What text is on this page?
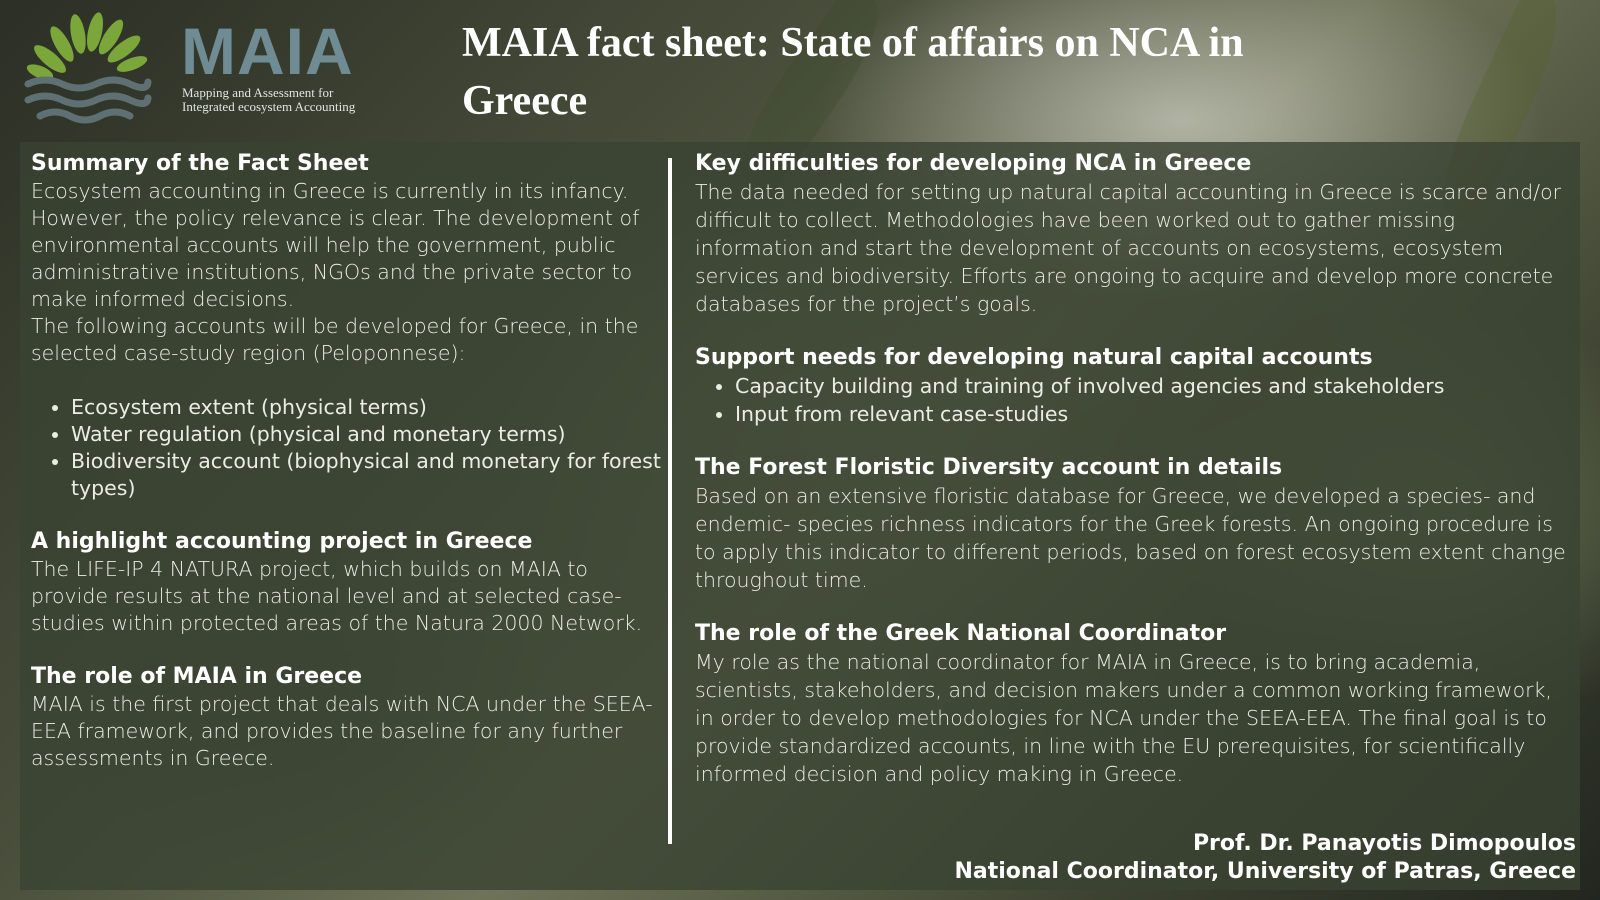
MAIA
Mapping and Assessment for
Integrated ecosystem Accounting
MAIA fact sheet: State of affairs on NCA in Greece
Summary of the Fact Sheet

Ecosystem accounting in Greece is currently in its infancy. However, the policy relevance is clear. The development of environmental accounts will help the government, public administrative institutions, NGOs and the private sector to make informed decisions.

The following accounts will be developed for Greece, in the selected case-study region (Peloponnese):

• Ecosystem extent (physical terms)
• Water regulation (physical and monetary terms)
• Biodiversity account (biophysical and monetary for forest types)
A highlight accounting project in Greece

The LIFE-IP 4 NATURA project, which builds on MAIA to provide results at the national level and at selected case-studies within protected areas of the Natura 2000 Network.

The role of MAIA in Greece

MAIA is the first project that deals with NCA under the SEEA-EEA framework, and provides the baseline for any further assessments in Greece.

Key difficulties for developing NCA in Greece

The data needed for setting up natural capital accounting in Greece is scarce and/or difficult to collect. Methodologies have been worked out to gather missing information and start the development of accounts on ecosystems, ecosystem services and biodiversity. Efforts are ongoing to acquire and develop more concrete databases for the project’s goals.

Support needs for developing natural capital accounts
• Capacity building and training of involved agencies and stakeholders
• Input from relevant case-studies
The Forest Floristic Diversity account in details

Based on an extensive floristic database for Greece, we developed a species- and endemic- species richness indicators for the Greek forests. An ongoing procedure is to apply this indicator to different periods, based on forest ecosystem extent change throughout time.

The role of the Greek National Coordinator

My role as the national coordinator for MAIA in Greece, is to bring academia, scientists, stakeholders, and decision makers under a common working framework, in order to develop methodologies for NCA under the SEEA-EEA. The final goal is to provide standardized accounts, in line with the EU prerequisites, for scientifically informed decision and policy making in Greece.

Prof. Dr. Panayotis Dimopoulos
National Coordinator, University of Patras, Greece
